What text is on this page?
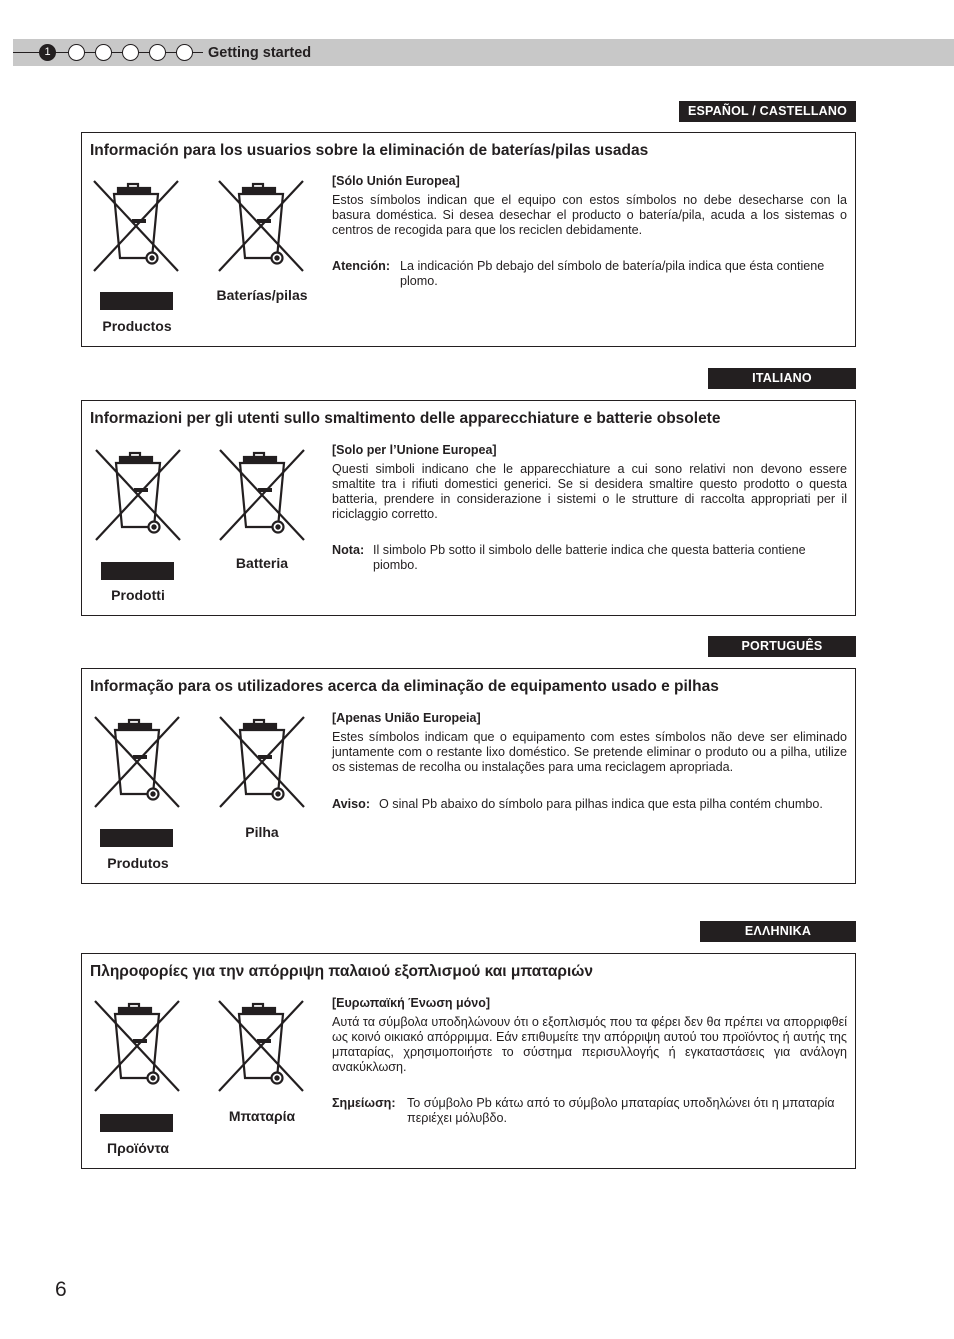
1	Getting started
ESPAÑOL / CASTELLANO
Información para los usuarios sobre la eliminación de baterías/pilas usadas
Productos
Baterías/pilas
[Sólo Unión Europea]
Estos símbolos indican que el equipo con estos símbolos no debe desecharse con la basura doméstica. Si desea desechar el producto o batería/pila, acuda a los sistemas o centros de recogida para que los reciclen debidamente.
Atención: La indicación Pb debajo del símbolo de batería/pila indica que ésta contiene plomo.
ITALIANO
Informazioni per gli utenti sullo smaltimento delle apparecchiature e batterie obsolete
Prodotti
Batteria
[Solo per l’Unione Europea]
Questi simboli indicano che le apparecchiature a cui sono relativi non devono essere smaltite tra i rifiuti domestici generici. Se si desidera smaltire questo prodotto o questa batteria, prendere in considerazione i sistemi o le strutture di raccolta appropriati per il riciclaggio corretto.
Nota: Il simbolo Pb sotto il simbolo delle batterie indica che questa batteria contiene piombo.
PORTUGUÊS
Informação para os utilizadores acerca da eliminação de equipamento usado e pilhas
Produtos
Pilha
[Apenas União Europeia]
Estes símbolos indicam que o equipamento com estes símbolos não deve ser eliminado juntamente com o restante lixo doméstico. Se pretende eliminar o produto ou a pilha, utilize os sistemas de recolha ou instalações para uma reciclagem apropriada.
Aviso: O sinal Pb abaixo do símbolo para pilhas indica que esta pilha contém chumbo.
ΕΛΛΗΝΙΚΑ
Πληροφορίες για την απόρριψη παλαιού εξοπλισμού και μπαταριών
Προϊόντα
Μπαταρία
[Ευρωπαϊκή Ένωση μόνο]
Αυτά τα σύμβολα υποδηλώνουν ότι ο εξοπλισμός που τα φέρει δεν θα πρέπει να απορριφθεί ως κοινό οικιακό απόρριμμα. Εάν επιθυμείτε την απόρριψη αυτού του προϊόντος ή αυτής της μπαταρίας, χρησιμοποιήστε το σύστημα περισυλλογής ή εγκαταστάσεις για ανάλογη ανακύκλωση.
Σημείωση: Το σύμβολο Pb κάτω από το σύμβολο μπαταρίας υποδηλώνει ότι η μπαταρία περιέχει μόλυβδο.
6
